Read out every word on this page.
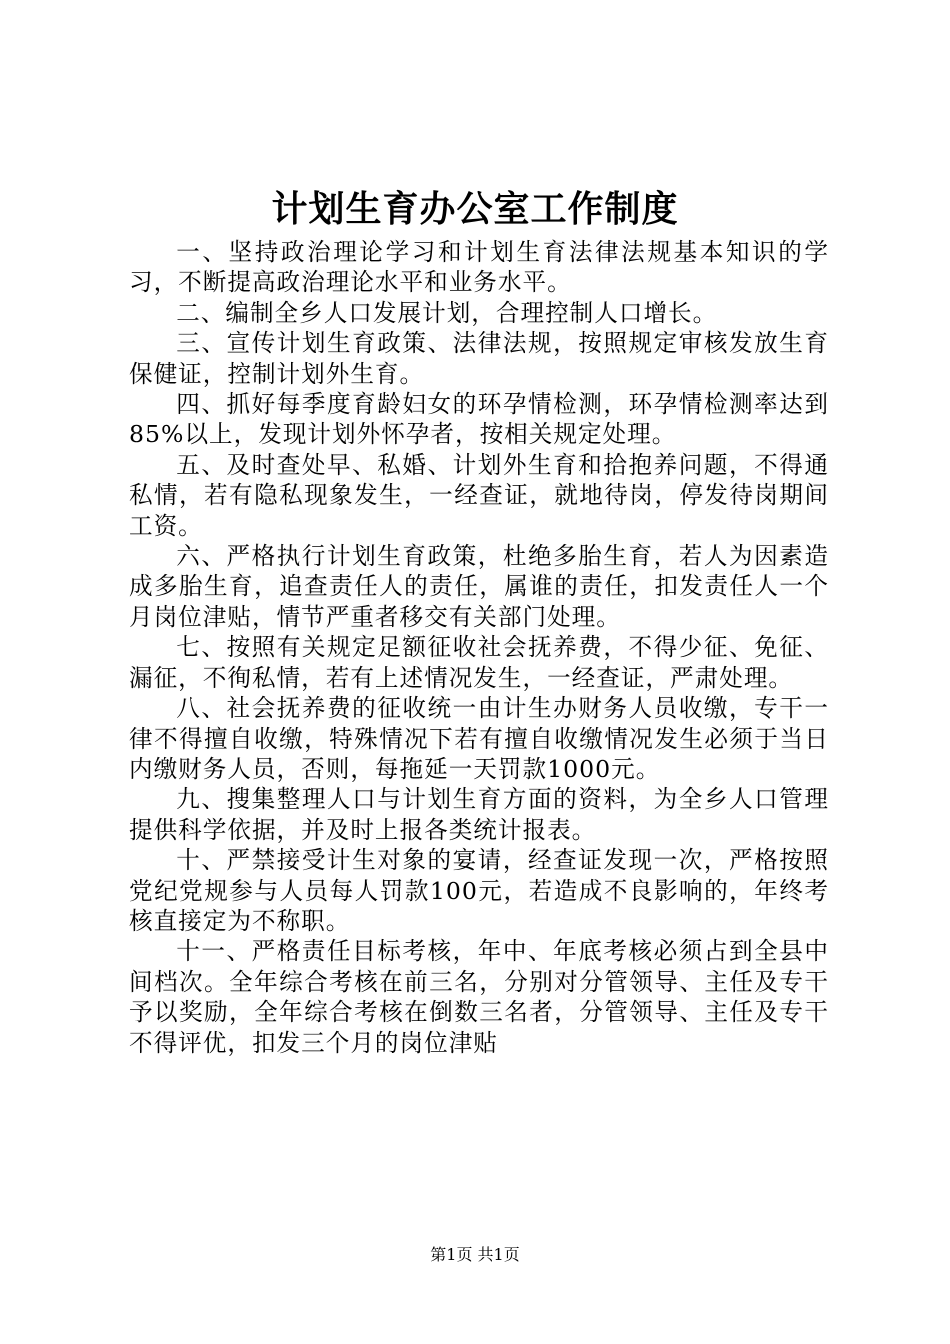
计划生育办公室工作制度

一、坚持政治理论学习和计划生育法律法规基本知识的学习，不断提高政治理论水平和业务水平。

二、编制全乡人口发展计划，合理控制人口增长。

三、宣传计划生育政策、法律法规，按照规定审核发放生育保健证，控制计划外生育。

四、抓好每季度育龄妇女的环孕情检测，环孕情检测率达到85%以上，发现计划外怀孕者，按相关规定处理。

五、及时查处早、私婚、计划外生育和拾抱养问题，不得通私情，若有隐私现象发生，一经查证，就地待岗，停发待岗期间工资。

六、严格执行计划生育政策，杜绝多胎生育，若人为因素造成多胎生育，追查责任人的责任，属谁的责任，扣发责任人一个月岗位津贴，情节严重者移交有关部门处理。

七、按照有关规定足额征收社会抚养费，不得少征、免征、漏征，不徇私情，若有上述情况发生，一经查证，严肃处理。

八、社会抚养费的征收统一由计生办财务人员收缴，专干一律不得擅自收缴，特殊情况下若有擅自收缴情况发生必须于当日内缴财务人员，否则，每拖延一天罚款1000元。

九、搜集整理人口与计划生育方面的资料，为全乡人口管理提供科学依据，并及时上报各类统计报表。

十、严禁接受计生对象的宴请，经查证发现一次，严格按照党纪党规参与人员每人罚款100元，若造成不良影响的，年终考核直接定为不称职。

十一、严格责任目标考核，年中、年底考核必须占到全县中间档次。全年综合考核在前三名，分别对分管领导、主任及专干予以奖励，全年综合考核在倒数三名者，分管领导、主任及专干不得评优，扣发三个月的岗位津贴

第1页 共1页
